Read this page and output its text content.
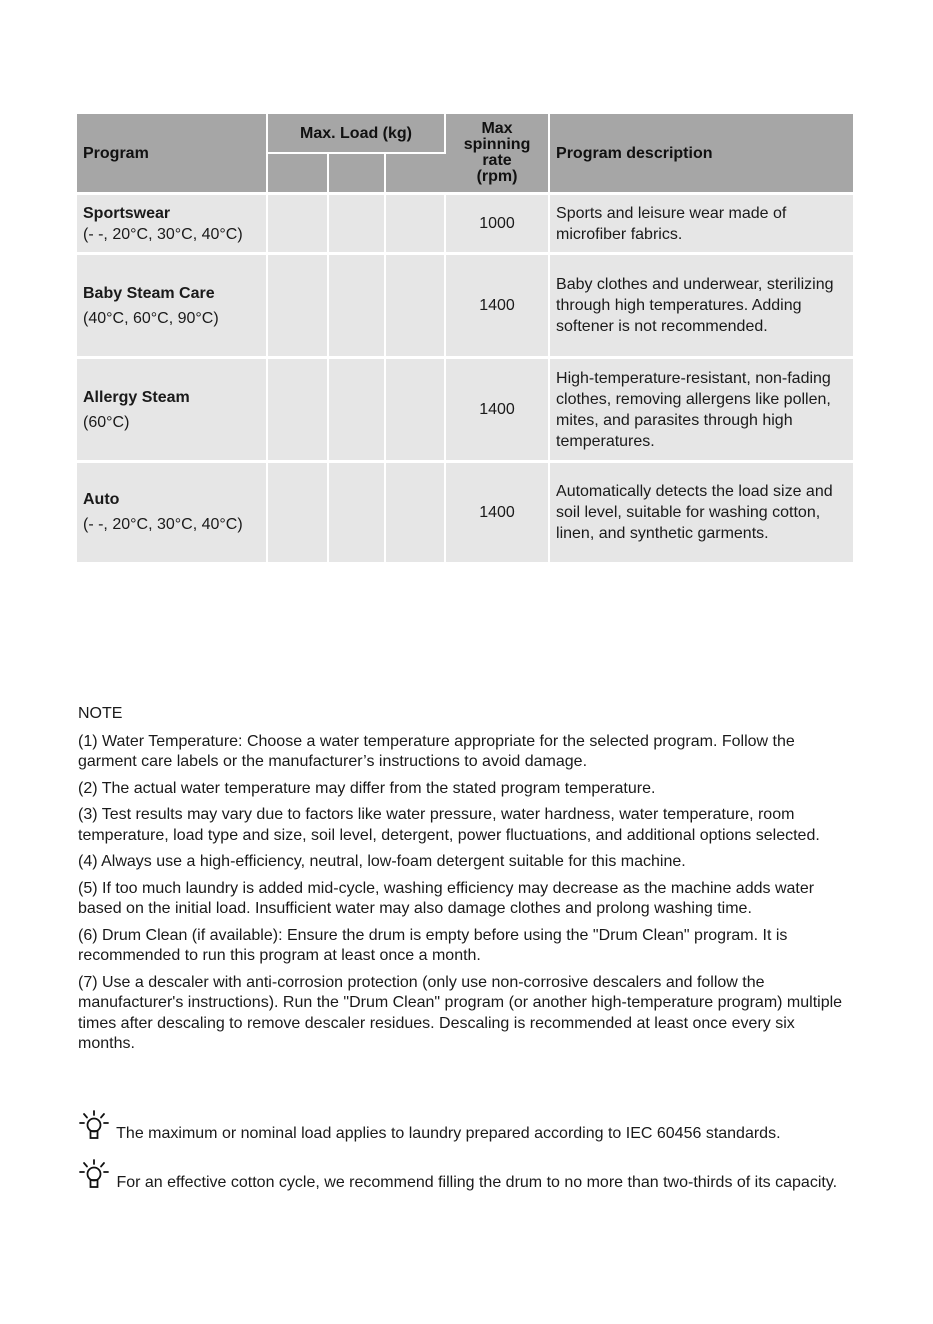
Program	Max. Load (kg)			Max
spinning
rate
(rpm)	Program description

Sportswear
(- -, 20°C, 30°C, 40°C)				1000	Sports and leisure wear made of microfiber fabrics.

Baby Steam Care
(40°C, 60°C, 90°C)				1400	Baby clothes and underwear, sterilizing through high temperatures. Adding softener is not recommended.

Allergy Steam
(60°C)				1400	High-temperature-resistant, non-fading clothes, removing allergens like pollen, mites, and parasites through high temperatures.

Auto
(- -, 20°C, 30°C, 40°C)				1400	Automatically detects the load size and soil level, suitable for washing cotton, linen, and synthetic garments.
NOTE
(1) Water Temperature: Choose a water temperature appropriate for the selected program. Follow the garment care labels or the manufacturer’s instructions to avoid damage.
(2) The actual water temperature may differ from the stated program temperature.
(3) Test results may vary due to factors like water pressure, water hardness, water temperature, room temperature, load type and size, soil level, detergent, power fluctuations, and additional options selected.
(4) Always use a high-efficiency, neutral, low-foam detergent suitable for this machine.
(5) If too much laundry is added mid-cycle, washing efficiency may decrease as the machine adds water based on the initial load. Insufficient water may also damage clothes and prolong washing time.
(6) Drum Clean (if available): Ensure the drum is empty before using the "Drum Clean" program. It is recommended to run this program at least once a month.
(7) Use a descaler with anti-corrosion protection (only use non-corrosive descalers and follow the manufacturer's instructions). Run the "Drum Clean" program (or another high-temperature program) multiple times after descaling to remove descaler residues. Descaling is recommended at least once every six months.
The maximum or nominal load applies to laundry prepared according to IEC 60456 standards.
For an effective cotton cycle, we recommend filling the drum to no more than two-thirds of its capacity.
